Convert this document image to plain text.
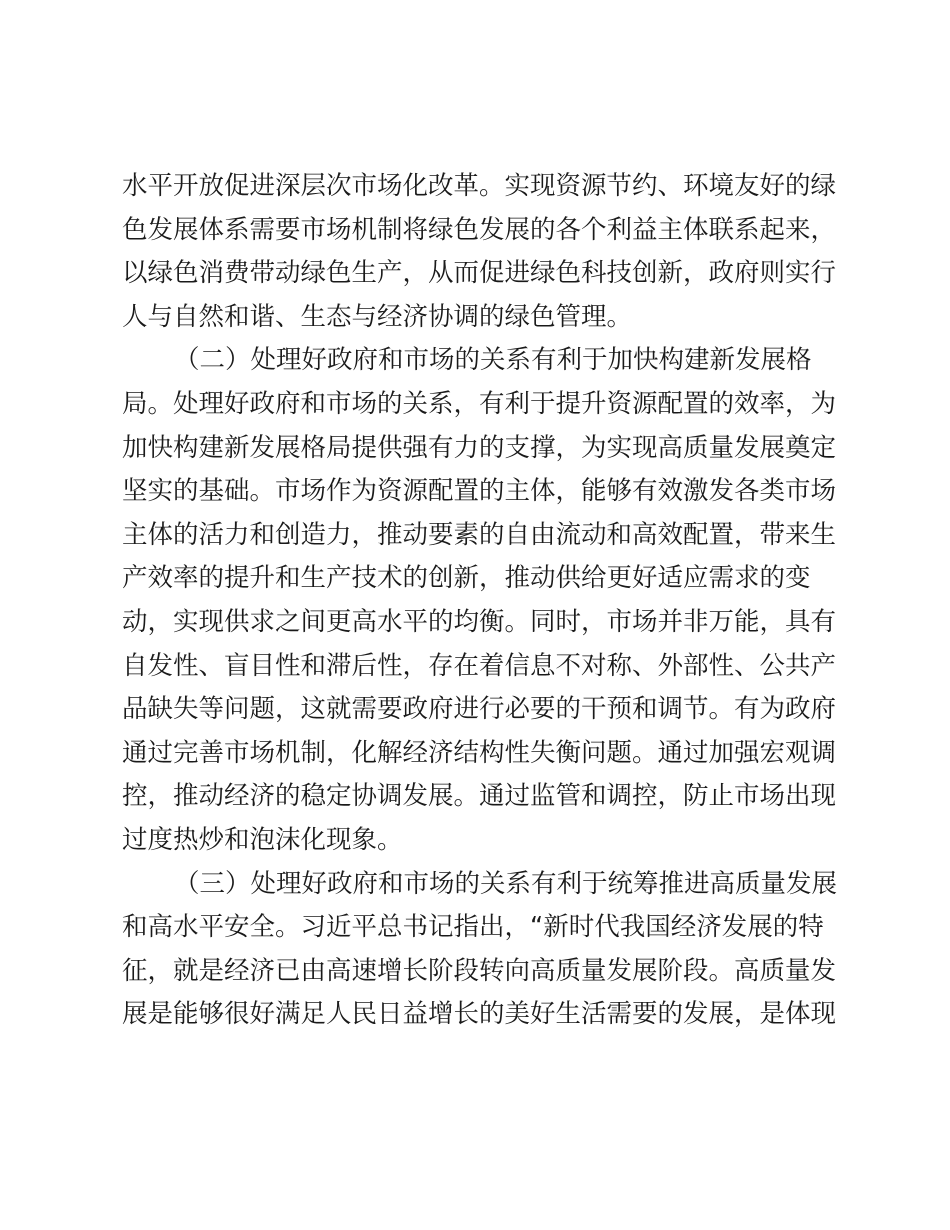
水平开放促进深层次市场化改革。实现资源节约、环境友好的绿
色发展体系需要市场机制将绿色发展的各个利益主体联系起来，
以绿色消费带动绿色生产，从而促进绿色科技创新，政府则实行
人与自然和谐、生态与经济协调的绿色管理。
（二）处理好政府和市场的关系有利于加快构建新发展格
局。处理好政府和市场的关系，有利于提升资源配置的效率，为
加快构建新发展格局提供强有力的支撑，为实现高质量发展奠定
坚实的基础。市场作为资源配置的主体，能够有效激发各类市场
主体的活力和创造力，推动要素的自由流动和高效配置，带来生
产效率的提升和生产技术的创新，推动供给更好适应需求的变
动，实现供求之间更高水平的均衡。同时，市场并非万能，具有
自发性、盲目性和滞后性，存在着信息不对称、外部性、公共产
品缺失等问题，这就需要政府进行必要的干预和调节。有为政府
通过完善市场机制，化解经济结构性失衡问题。通过加强宏观调
控，推动经济的稳定协调发展。通过监管和调控，防止市场出现
过度热炒和泡沫化现象。
（三）处理好政府和市场的关系有利于统筹推进高质量发展
和高水平安全。习近平总书记指出，“新时代我国经济发展的特
征，就是经济已由高速增长阶段转向高质量发展阶段。高质量发
展是能够很好满足人民日益增长的美好生活需要的发展，是体现
